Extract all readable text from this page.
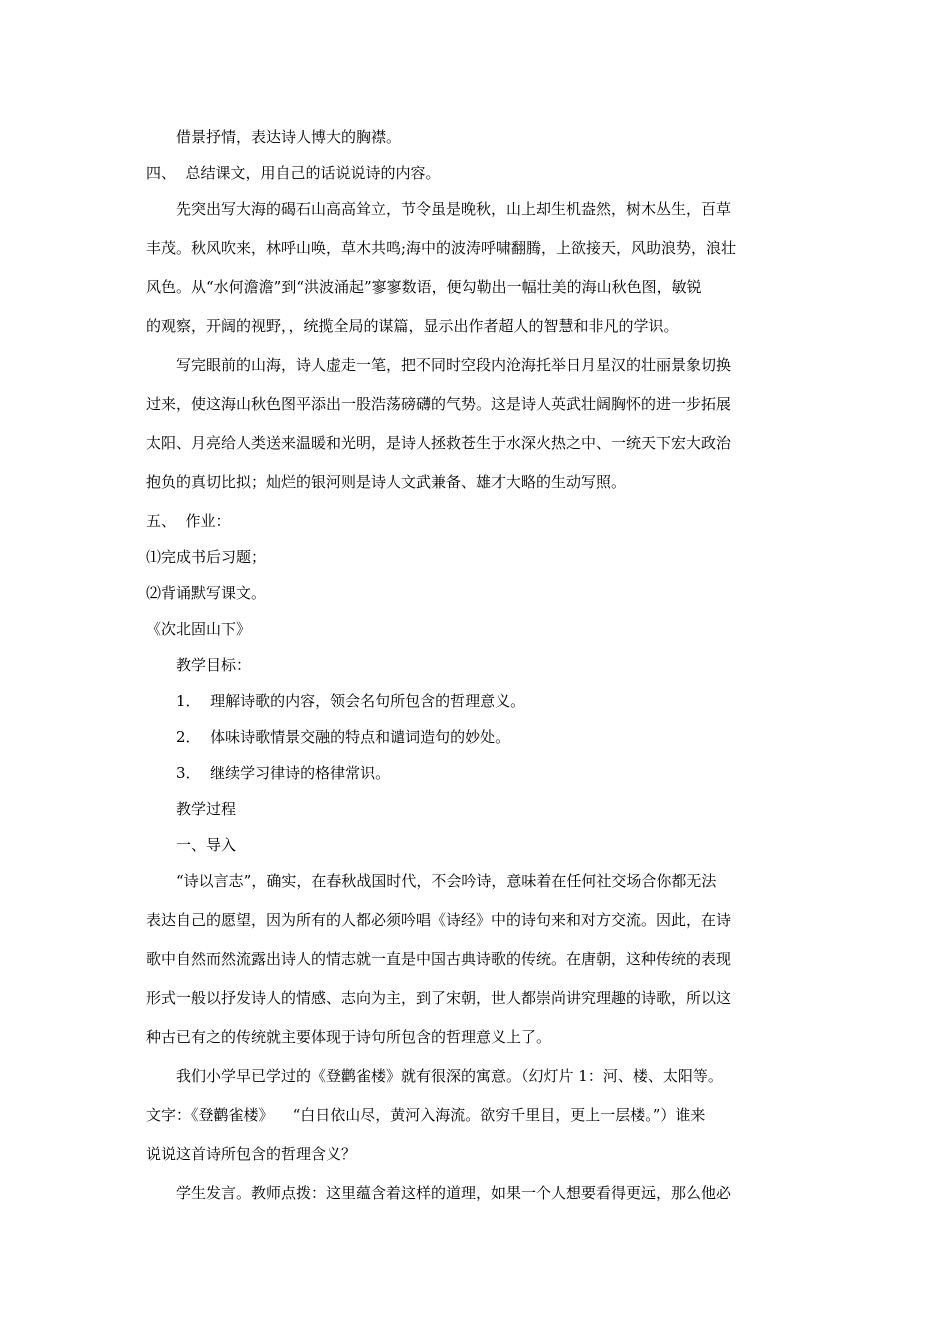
借景抒情，表达诗人博大的胸襟。
四、  总结课文，用自己的话说说诗的内容。
先突出写大海的碣石山高高耸立，节令虽是晚秋，山上却生机盎然，树木丛生，百草
丰茂。秋风吹来，林呼山唤，草木共鸣;海中的波涛呼啸翻腾，上欲接天，风助浪势，浪壮
风色。从“水何澹澹”到“洪波涌起”寥寥数语，便勾勒出一幅壮美的海山秋色图，敏锐
的观察，开阔的视野，，统揽全局的谋篇，显示出作者超人的智慧和非凡的学识。
写完眼前的山海，诗人虚走一笔，把不同时空段内沧海托举日月星汉的壮丽景象切换
过来，使这海山秋色图平添出一股浩荡磅礴的气势。这是诗人英武壮阔胸怀的进一步拓展
太阳、月亮给人类送来温暖和光明，是诗人拯救苍生于水深火热之中、一统天下宏大政治
抱负的真切比拟；灿烂的银河则是诗人文武兼备、雄才大略的生动写照。
五、  作业：
⑴完成书后习题；
⑵背诵默写课文。
《次北固山下》
教学目标：
1．  理解诗歌的内容，领会名句所包含的哲理意义。
2．  体味诗歌情景交融的特点和谴词造句的妙处。
3．  继续学习律诗的格律常识。
教学过程
一、导入
“诗以言志”，确实，在春秋战国时代，不会吟诗，意味着在任何社交场合你都无法
表达自己的愿望，因为所有的人都必须吟唱《诗经》中的诗句来和对方交流。因此，在诗
歌中自然而然流露出诗人的情志就一直是中国古典诗歌的传统。在唐朝，这种传统的表现
形式一般以抒发诗人的情感、志向为主，到了宋朝，世人都崇尚讲究理趣的诗歌，所以这
种古已有之的传统就主要体现于诗句所包含的哲理意义上了。
我们小学早已学过的《登鹳雀楼》就有很深的寓意。（幻灯片 1：河、楼、太阳等。
文字：《登鹳雀楼》    “白日依山尽，黄河入海流。欲穷千里目，更上一层楼。”）谁来
说说这首诗所包含的哲理含义？
学生发言。教师点拨：这里蕴含着这样的道理，如果一个人想要看得更远，那么他必
